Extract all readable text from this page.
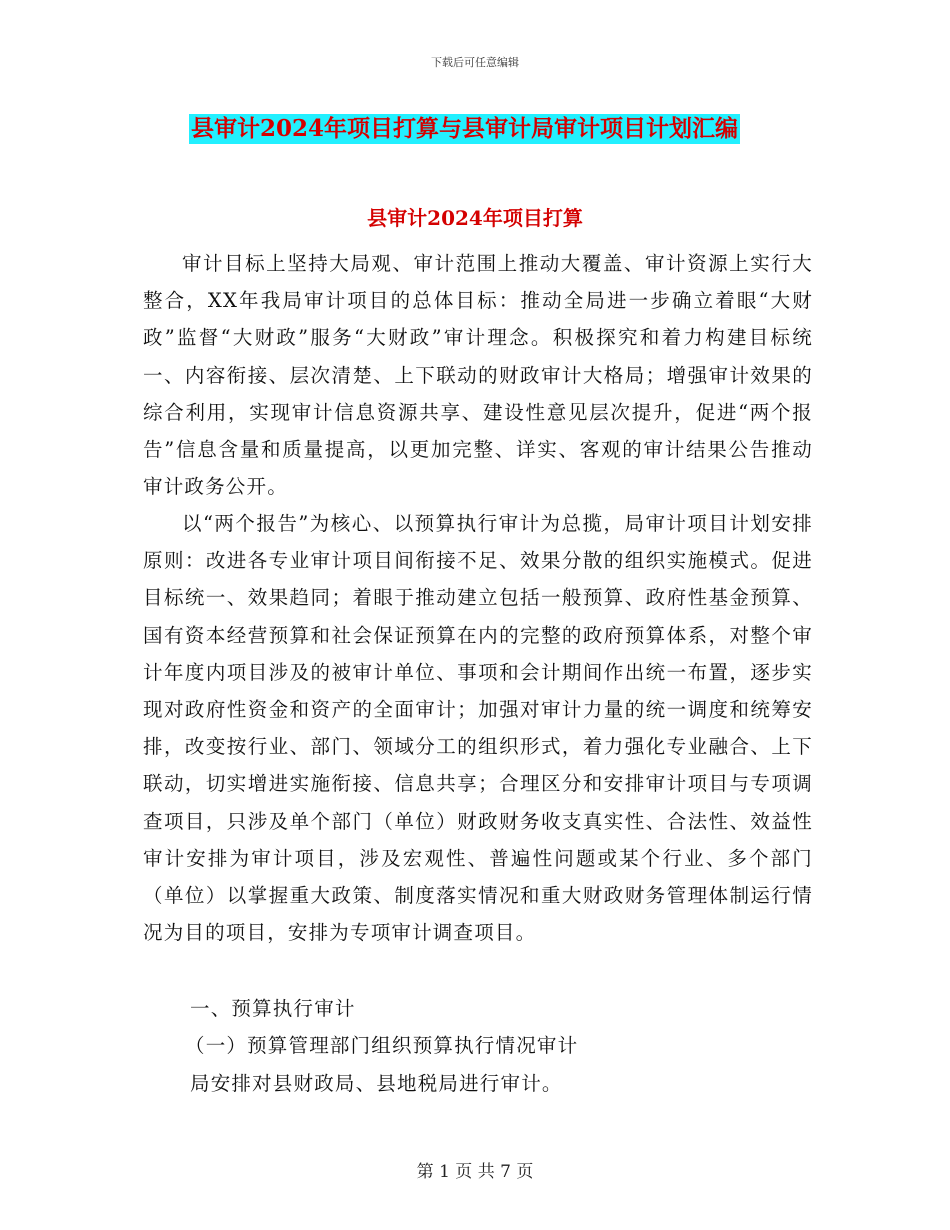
下载后可任意编辑
县审计2024年项目打算与县审计局审计项目计划汇编
县审计2024年项目打算

审计目标上坚持大局观、审计范围上推动大覆盖、审计资源上实行大整合，XX年我局审计项目的总体目标：推动全局进一步确立着眼“大财政”监督“大财政”服务“大财政”审计理念。积极探究和着力构建目标统一、内容衔接、层次清楚、上下联动的财政审计大格局；增强审计效果的综合利用，实现审计信息资源共享、建设性意见层次提升，促进“两个报告”信息含量和质量提高，以更加完整、详实、客观的审计结果公告推动审计政务公开。

以“两个报告”为核心、以预算执行审计为总揽，局审计项目计划安排原则：改进各专业审计项目间衔接不足、效果分散的组织实施模式。促进目标统一、效果趋同；着眼于推动建立包括一般预算、政府性基金预算、国有资本经营预算和社会保证预算在内的完整的政府预算体系，对整个审计年度内项目涉及的被审计单位、事项和会计期间作出统一布置，逐步实现对政府性资金和资产的全面审计；加强对审计力量的统一调度和统筹安排，改变按行业、部门、领域分工的组织形式，着力强化专业融合、上下联动，切实增进实施衔接、信息共享；合理区分和安排审计项目与专项调查项目，只涉及单个部门（单位）财政财务收支真实性、合法性、效益性审计安排为审计项目，涉及宏观性、普遍性问题或某个行业、多个部门（单位）以掌握重大政策、制度落实情况和重大财政财务管理体制运行情况为目的项目，安排为专项审计调查项目。

一、预算执行审计
（一）预算管理部门组织预算执行情况审计
局安排对县财政局、县地税局进行审计。
第 1 页 共 7 页
